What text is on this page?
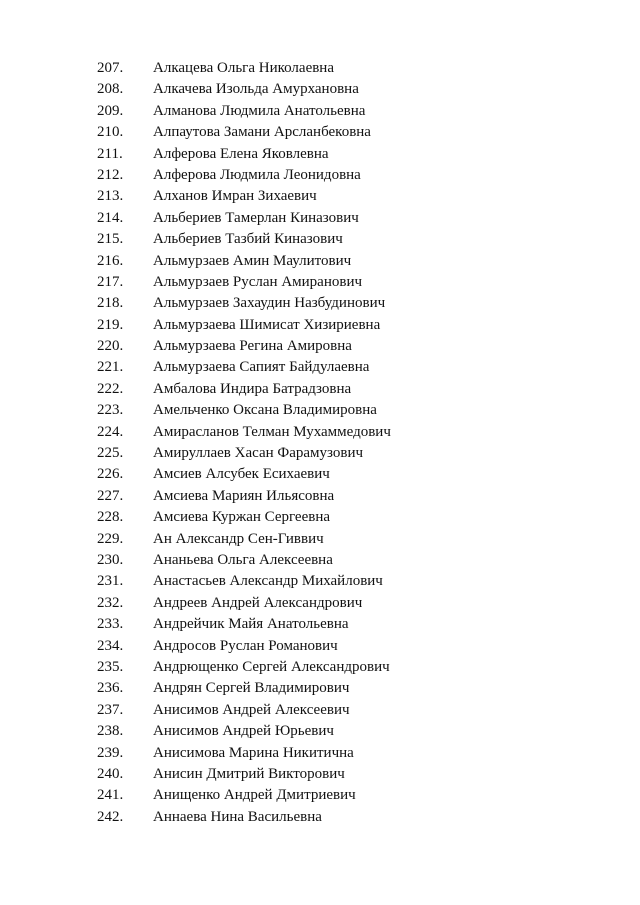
207. Алкацева Ольга Николаевна
208. Алкачева Изольда Амурхановна
209. Алманова Людмила Анатольевна
210. Алпаутова Замани Арсланбековна
211. Алферова Елена Яковлевна
212. Алферова Людмила Леонидовна
213. Алханов Имран Зихаевич
214. Альбериев Тамерлан Киназович
215. Альбериев Тазбий Киназович
216. Альмурзаев Амин Маулитович
217. Альмурзаев Руслан Амиранович
218. Альмурзаев Захаудин Назбудинович
219. Альмурзаева Шимисат Хизириевна
220. Альмурзаева Регина Амировна
221. Альмурзаева Сапият Байдулаевна
222. Амбалова Индира Батрадзовна
223. Амельченко Оксана Владимировна
224. Амирасланов Телман Мухаммедович
225. Амируллаев Хасан Фарамузович
226. Амсиев Алсубек Есихаевич
227. Амсиева Мариян Ильясовна
228. Амсиева Куржан Сергеевна
229. Ан Александр Сен-Гиввич
230. Ананьева Ольга Алексеевна
231. Анастасьев Александр Михайлович
232. Андреев Андрей Александрович
233. Андрейчик Майя Анатольевна
234. Андросов Руслан Романович
235. Андрющенко Сергей Александрович
236. Андрян Сергей Владимирович
237. Анисимов Андрей Алексеевич
238. Анисимов Андрей Юрьевич
239. Анисимова Марина Никитична
240. Анисин Дмитрий Викторович
241. Анищенко Андрей Дмитриевич
242. Аннаева Нина Васильевна
